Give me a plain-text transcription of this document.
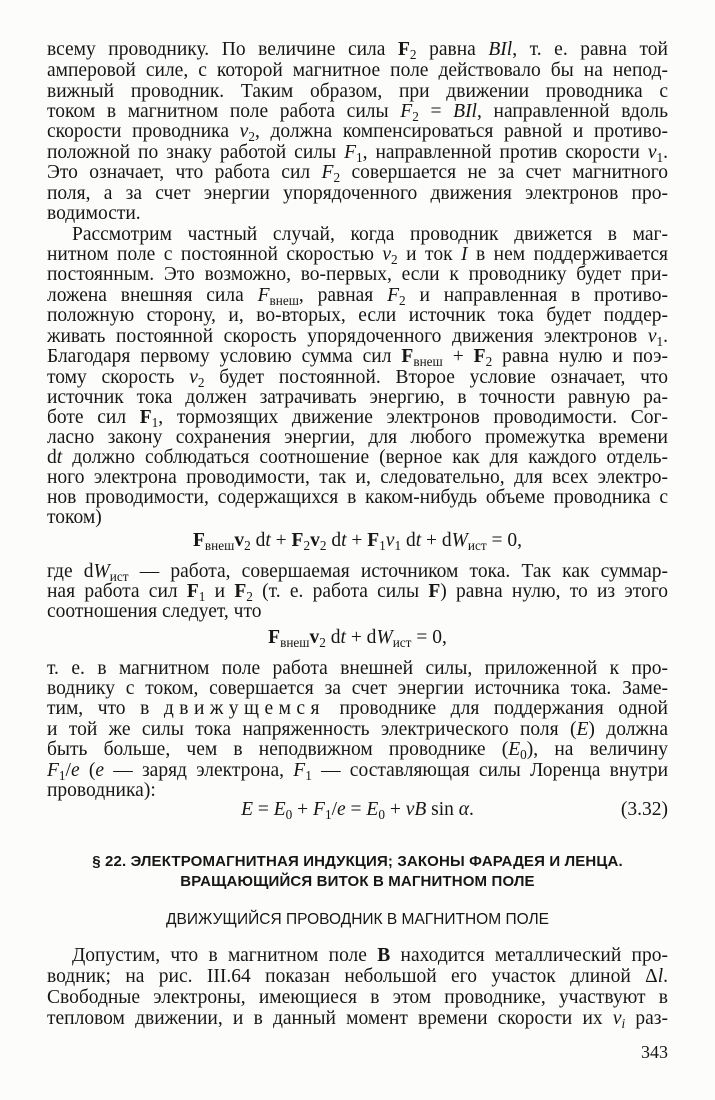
§ 22. ЭЛЕКТРОМАГНИТНАЯ ИНДУКЦИЯ; ЗАКОНЫ ФАРАДЕЯ И ЛЕНЦА.
ВРАЩАЮЩИЙСЯ ВИТОК В МАГНИТНОМ ПОЛЕ
ДВИЖУЩИЙСЯ ПРОВОДНИК В МАГНИТНОМ ПОЛЕ
343
всему проводнику. По величине сила F2 равна BIl, т. е. равна той
амперовой силе, с которой магнитное поле действовало бы на непод-
вижный проводник. Таким образом, при движении проводника с
током в магнитном поле работа силы F2 = BIl, направленной вдоль
скорости проводника v2, должна компенсироваться равной и противо-
положной по знаку работой силы F1, направленной против скорости v1.
Это означает, что работа сил F2 совершается не за счет магнитного
поля, а за счет энергии упорядоченного движения электронов про-
водимости.
Рассмотрим частный случай, когда проводник движется в маг-
нитном поле с постоянной скоростью v2 и ток I в нем поддерживается
постоянным. Это возможно, во-первых, если к проводнику будет при-
ложена внешняя сила Fвнеш, равная F2 и направленная в противо-
положную сторону, и, во-вторых, если источник тока будет поддер-
живать постоянной скорость упорядоченного движения электронов v1.
Благодаря первому условию сумма сил Fвнеш + F2 равна нулю и поэ-
тому скорость v2 будет постоянной. Второе условие означает, что
источник тока должен затрачивать энергию, в точности равную ра-
боте сил F1, тормозящих движение электронов проводимости. Сог-
ласно закону сохранения энергии, для любого промежутка времени
dt должно соблюдаться соотношение (верное как для каждого отдель-
ного электрона проводимости, так и, следовательно, для всех электро-
нов проводимости, содержащихся в каком-нибудь объеме проводника с
током)
где dWист — работа, совершаемая источником тока. Так как суммар-
ная работа сил F1 и F2 (т. е. работа силы F) равна нулю, то из этого
соотношения следует, что
т. е. в магнитном поле работа внешней силы, приложенной к про-
воднику с током, совершается за счет энергии источника тока. Заме-
тим, что в движущемся проводнике для поддержания одной
и той же силы тока напряженность электрического поля (E) должна
быть больше, чем в неподвижном проводнике (E0), на величину
F1/e (e — заряд электрона, F1 — составляющая силы Лоренца внутри
проводника):
Допустим, что в магнитном поле B находится металлический про-
водник; на рис. III.64 показан небольшой его участок длиной Δl.
Свободные электроны, имеющиеся в этом проводнике, участвуют в
тепловом движении, и в данный момент времени скорости их vi раз-
Fвнешv2 dt + F2v2 dt + F1v1 dt + dWист = 0,
Fвнешv2 dt + dWист = 0,
E = E0 + F1/e = E0 + vB sin α.	(3.32)
